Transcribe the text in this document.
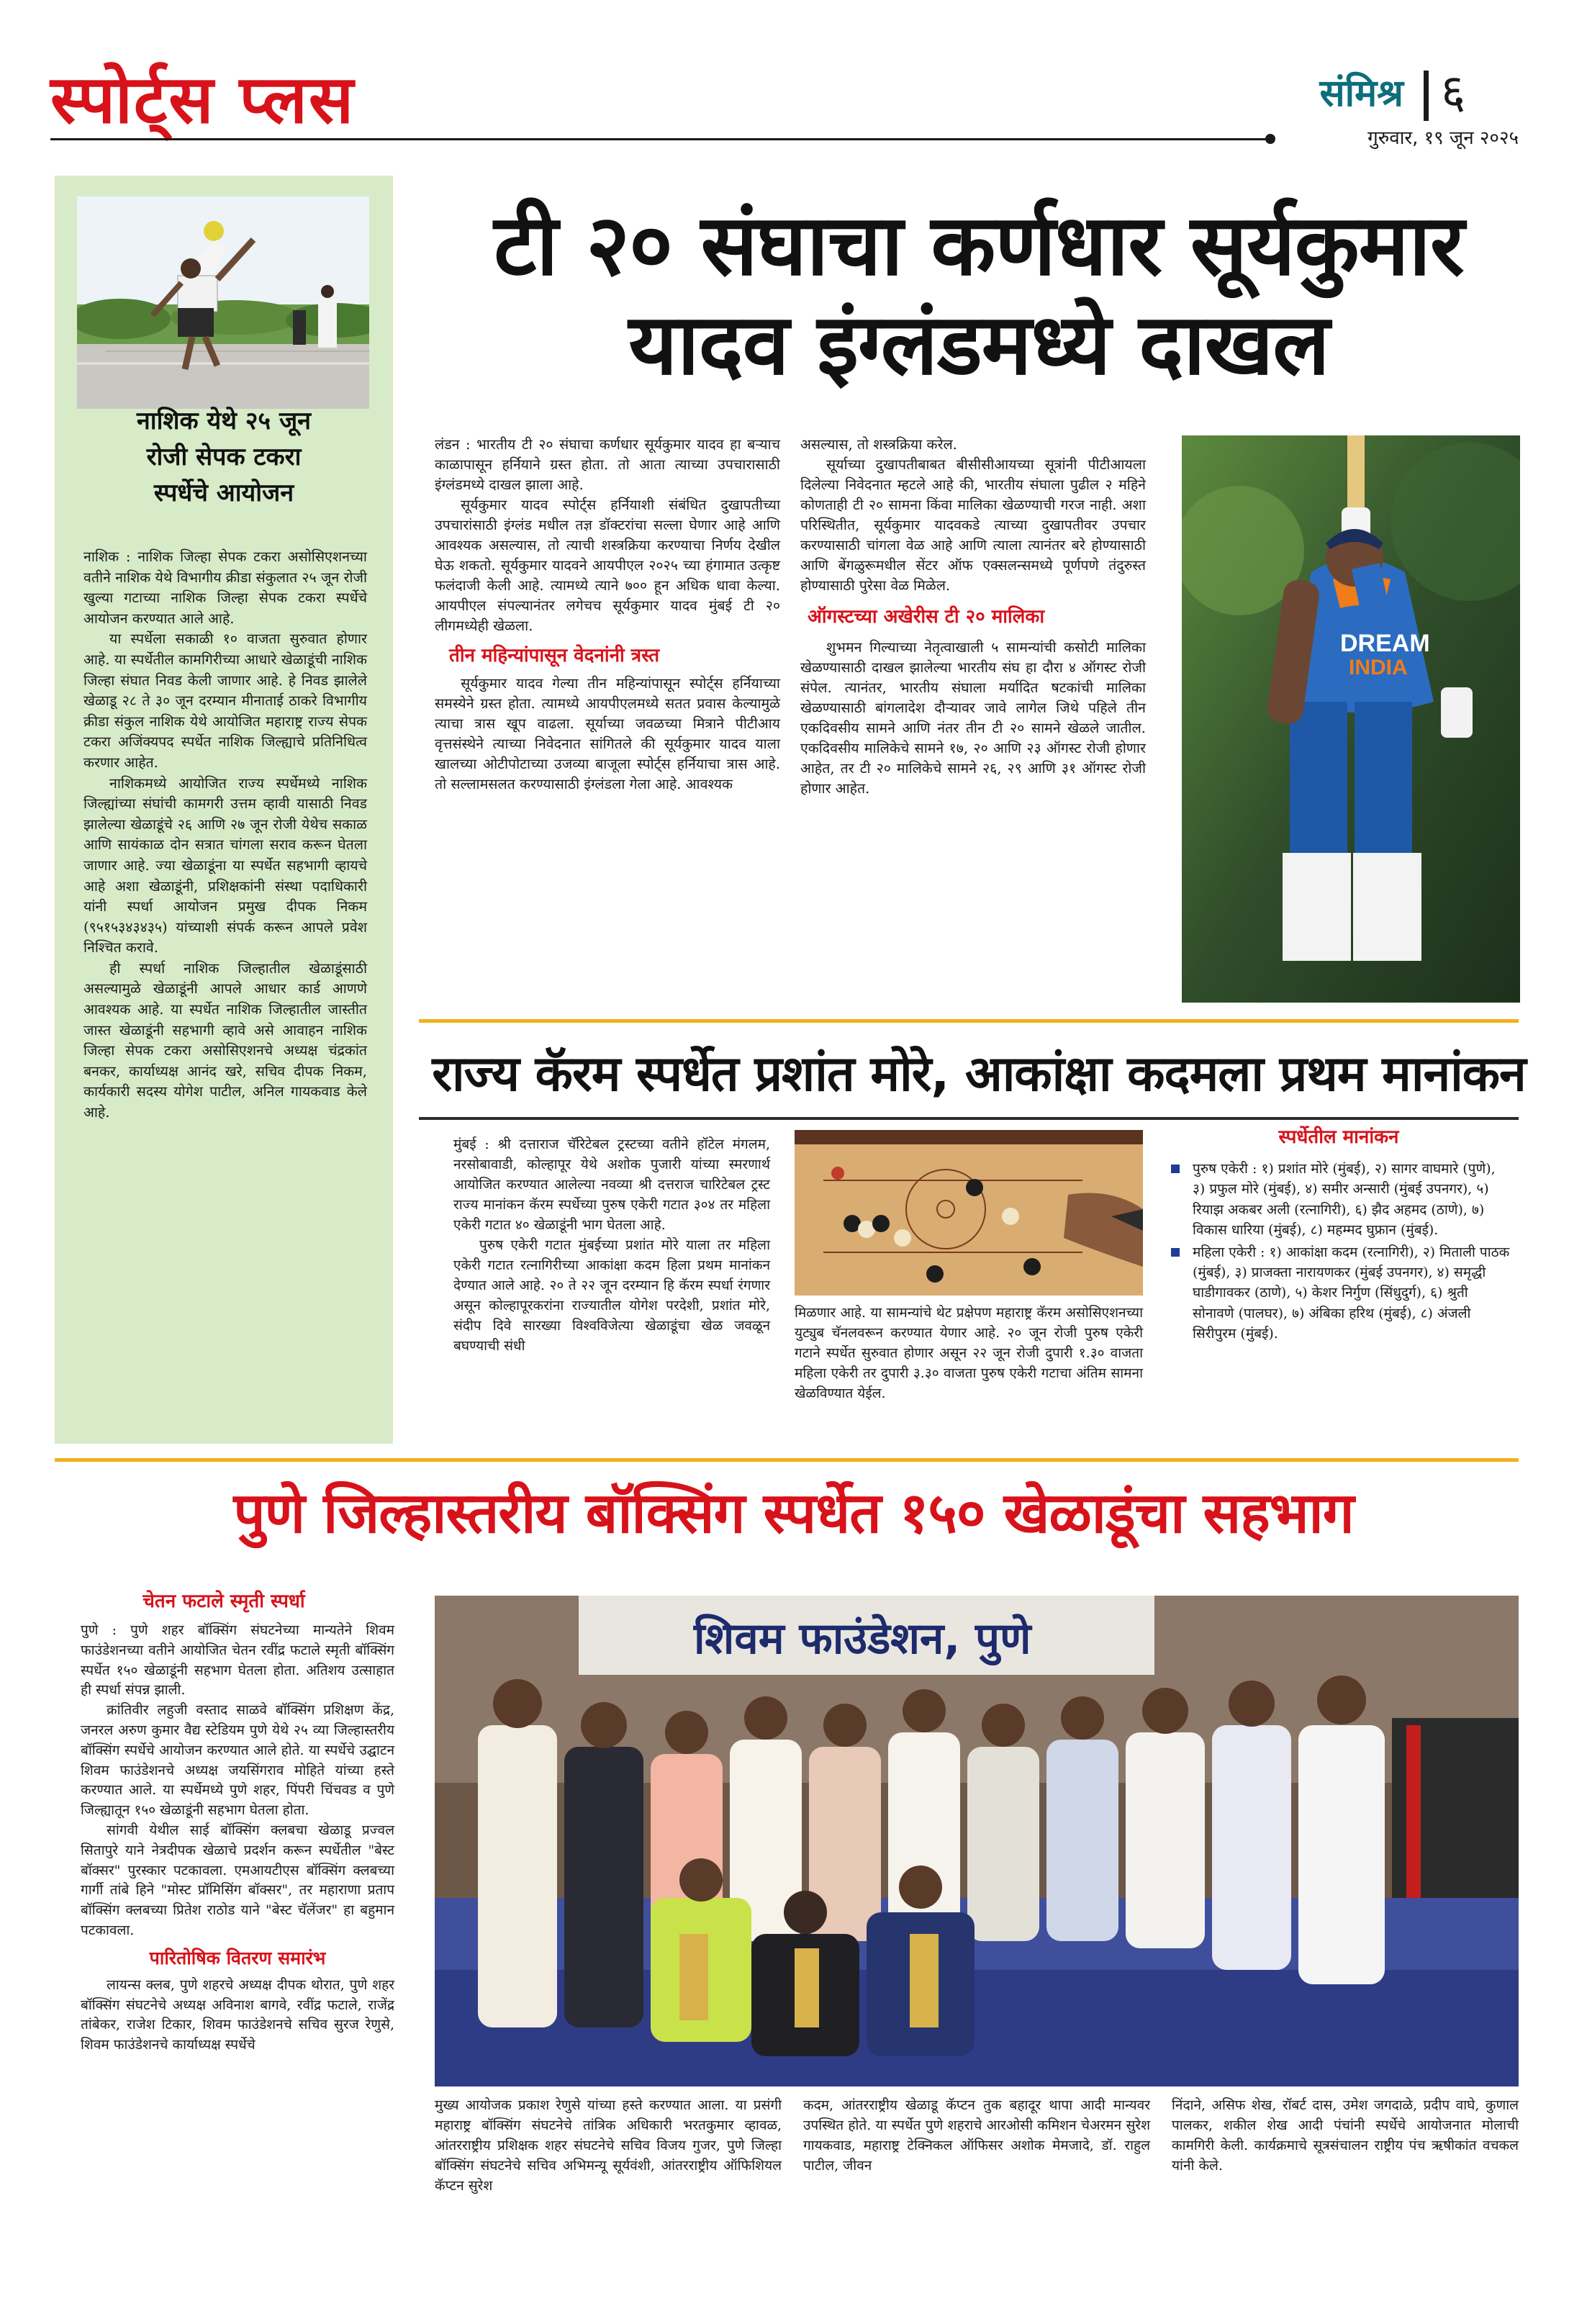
स्पोर्ट्स प्लस	संमिश्र ६
गुरुवार, १९ जून २०२५
नाशिक येथे २५ जून
रोजी सेपक टकरा
स्पर्धेचे आयोजन

नाशिक : नाशिक जिल्हा सेपक टकरा असोसिएशनच्या वतीने नाशिक येथे विभागीय क्रीडा संकुलात २५ जून रोजी खुल्या गटाच्या नाशिक जिल्हा सेपक टकरा स्पर्धेचे आयोजन करण्यात आले आहे.

या स्पर्धेला सकाळी १० वाजता सुरुवात होणार आहे. या स्पर्धेतील कामगिरीच्या आधारे खेळाडूंची नाशिक जिल्हा संघात निवड केली जाणार आहे. हे निवड झालेले खेळाडू २८ ते ३० जून दरम्यान मीनाताई ठाकरे विभागीय क्रीडा संकुल नाशिक येथे आयोजित महाराष्ट्र राज्य सेपक टकरा अजिंक्यपद स्पर्धेत नाशिक जिल्ह्याचे प्रतिनिधित्व करणार आहेत.

नाशिकमध्ये आयोजित राज्य स्पर्धेमध्ये नाशिक जिल्ह्यांच्या संघांची कामगरी उत्तम व्हावी यासाठी निवड झालेल्या खेळाडूंचे २६ आणि २७ जून रोजी येथेच सकाळ आणि सायंकाळ दोन सत्रात चांगला सराव करून घेतला जाणार आहे. ज्या खेळाडूंना या स्पर्धेत सहभागी व्हायचे आहे अशा खेळाडूंनी, प्रशिक्षकांनी संस्था पदाधिकारी यांनी स्पर्धा आयोजन प्रमुख दीपक निकम (९५१५३४३४३५) यांच्याशी संपर्क करून आपले प्रवेश निश्चित करावे.

ही स्पर्धा नाशिक जिल्हातील खेळाडूंसाठी असल्यामुळे खेळाडूंनी आपले आधार कार्ड आणणे आवश्यक आहे. या स्पर्धेत नाशिक जिल्हातील जास्तीत जास्त खेळाडूंनी सहभागी व्हावे असे आवाहन नाशिक जिल्हा सेपक टकरा असोसिएशनचे अध्यक्ष चंद्रकांत बनकर, कार्याध्यक्ष आनंद खरे, सचिव दीपक निकम, कार्यकारी सदस्य योगेश पाटील, अनिल गायकवाड केले आहे.

टी २० संघाचा कर्णधार सूर्यकुमार
यादव इंग्लंडमध्ये दाखल

लंडन : भारतीय टी २० संघाचा कर्णधार सूर्यकुमार यादव हा बऱ्याच काळापासून हर्नियाने ग्रस्त होता. तो आता त्याच्या उपचारासाठी इंग्लंडमध्ये दाखल झाला आहे.

सूर्यकुमार यादव स्पोर्ट्स हर्नियाशी संबंधित दुखापतीच्या उपचारांसाठी इंग्लंड मधील तज्ञ डॉक्टरांचा सल्ला घेणार आहे आणि आवश्यक असल्यास, तो त्याची शस्त्रक्रिया करण्याचा निर्णय देखील घेऊ शकतो. सूर्यकुमार यादवने आयपीएल २०२५ च्या हंगामात उत्कृष्ट फलंदाजी केली आहे. त्यामध्ये त्याने ७०० हून अधिक धावा केल्या. आयपीएल संपल्यानंतर लगेचच सूर्यकुमार यादव मुंबई टी २० लीगमध्येही खेळला.

तीन महिन्यांपासून वेदनांनी त्रस्त

सूर्यकुमार यादव गेल्या तीन महिन्यांपासून स्पोर्ट्स हर्नियाच्या समस्येने ग्रस्त होता. त्यामध्ये आयपीएलमध्ये सतत प्रवास केल्यामुळे त्याचा त्रास खूप वाढला. सूर्याच्या जवळच्या मित्राने पीटीआय वृत्तसंस्थेने त्याच्या निवेदनात सांगितले की सूर्यकुमार यादव याला खालच्या ओटीपोटाच्या उजव्या बाजूला स्पोर्ट्स हर्नियाचा त्रास आहे. तो सल्लामसलत करण्यासाठी इंग्लंडला गेला आहे. आवश्यक

असल्यास, तो शस्त्रक्रिया करेल.

सूर्याच्या दुखापतीबाबत बीसीसीआयच्या सूत्रांनी पीटीआयला दिलेल्या निवेदनात म्हटले आहे की, भारतीय संघाला पुढील २ महिने कोणताही टी २० सामना किंवा मालिका खेळण्याची गरज नाही. अशा परिस्थितीत, सूर्यकुमार यादवकडे त्याच्या दुखापतीवर उपचार करण्यासाठी चांगला वेळ आहे आणि त्याला त्यानंतर बरे होण्यासाठी आणि बेंगळुरूमधील सेंटर ऑफ एक्सलन्समध्ये पूर्णपणे तंदुरुस्त होण्यासाठी पुरेसा वेळ मिळेल.

ऑगस्टच्या अखेरीस टी २० मालिका

शुभमन गिल्याच्या नेतृत्वाखाली ५ सामन्यांची कसोटी मालिका खेळण्यासाठी दाखल झालेल्या भारतीय संघ हा दौरा ४ ऑगस्ट रोजी संपेल. त्यानंतर, भारतीय संघाला मर्यादित षटकांची मालिका खेळण्यासाठी बांगलादेश दौऱ्यावर जावे लागेल जिथे पहिले तीन एकदिवसीय सामने आणि नंतर तीन टी २० सामने खेळले जातील. एकदिवसीय मालिकेचे सामने १७, २० आणि २३ ऑगस्ट रोजी होणार आहेत, तर टी २० मालिकेचे सामने २६, २९ आणि ३१ ऑगस्ट रोजी होणार आहेत.

DREAM
INDIA
राज्य कॅरम स्पर्धेत प्रशांत मोरे, आकांक्षा कदमला प्रथम मानांकन

मुंबई : श्री दत्ताराज चॅरिटेबल ट्रस्टच्या वतीने हॉटेल मंगलम, नरसोबावाडी, कोल्हापूर येथे अशोक पुजारी यांच्या स्मरणार्थ आयोजित करण्यात आलेल्या नवव्या श्री दत्तराज चारिटेबल ट्रस्ट राज्य मानांकन कॅरम स्पर्धेच्या पुरुष एकेरी गटात ३०४ तर महिला एकेरी गटात ४० खेळाडूंनी भाग घेतला आहे.

पुरुष एकेरी गटात मुंबईच्या प्रशांत मोरे याला तर महिला एकेरी गटात रत्नागिरीच्या आकांक्षा कदम हिला प्रथम मानांकन देण्यात आले आहे. २० ते २२ जून दरम्यान हि कॅरम स्पर्धा रंगणार असून कोल्हापूरकरांना राज्यातील योगेश परदेशी, प्रशांत मोरे, संदीप दिवे सारख्या विश्वविजेत्या खेळाडूंचा खेळ जवळून बघण्याची संधी

मिळणार आहे. या सामन्यांचे थेट प्रक्षेपण महाराष्ट्र कॅरम असोसिएशनच्या युट्युब चॅनलवरून करण्यात येणार आहे. २० जून रोजी पुरुष एकेरी गटाने स्पर्धेत सुरुवात होणार असून २२ जून रोजी दुपारी १.३० वाजता महिला एकेरी तर दुपारी ३.३० वाजता पुरुष एकेरी गटाचा अंतिम सामना खेळविण्यात येईल.

स्पर्धेतील मानांकन
पुरुष एकेरी : १) प्रशांत मोरे (मुंबई), २) सागर वाघमारे (पुणे), ३) प्रफुल मोरे (मुंबई), ४) समीर अन्सारी (मुंबई उपनगर), ५) रियाझ अकबर अली (रत्नागिरी), ६) झैद अहमद (ठाणे), ७) विकास धारिया (मुंबई), ८) महम्मद घुफ्रान (मुंबई).
महिला एकेरी : १) आकांक्षा कदम (रत्नागिरी), २) मिताली पाठक (मुंबई), ३) प्राजक्ता नारायणकर (मुंबई उपनगर), ४) समृद्धी घाडीगावकर (ठाणे), ५) केशर निर्गुण (सिंधुदुर्ग), ६) श्रुती सोनावणे (पालघर), ७) अंबिका हरिथ (मुंबई), ८) अंजली सिरीपुरम (मुंबई).
पुणे जिल्हास्तरीय बॉक्सिंग स्पर्धेत १५० खेळाडूंचा सहभाग
चेतन फटाले स्मृती स्पर्धा

पुणे : पुणे शहर बॉक्सिंग संघटनेच्या मान्यतेने शिवम फाउंडेशनच्या वतीने आयोजित चेतन रवींद्र फटाले स्मृती बॉक्सिंग स्पर्धेत १५० खेळाडूंनी सहभाग घेतला होता. अतिशय उत्साहात ही स्पर्धा संपन्न झाली.

क्रांतिवीर लहुजी वस्ताद साळवे बॉक्सिंग प्रशिक्षण केंद्र, जनरल अरुण कुमार वैद्य स्टेडियम पुणे येथे २५ व्या जिल्हास्तरीय बॉक्सिंग स्पर्धेचे आयोजन करण्यात आले होते. या स्पर्धेचे उद्घाटन शिवम फाउंडेशनचे अध्यक्ष जयसिंगराव मोहिते यांच्या हस्ते करण्यात आले. या स्पर्धेमध्ये पुणे शहर, पिंपरी चिंचवड व पुणे जिल्ह्यातून १५० खेळाडूंनी सहभाग घेतला होता.

सांगवी येथील साई बॉक्सिंग क्लबचा खेळाडू प्रज्वल सितापुरे याने नेत्रदीपक खेळाचे प्रदर्शन करून स्पर्धेतील "बेस्ट बॉक्सर" पुरस्कार पटकावला. एमआयटीएस बॉक्सिंग क्लबच्या गार्गी तांबे हिने "मोस्ट प्रॉमिसिंग बॉक्सर", तर महाराणा प्रताप बॉक्सिंग क्लबच्या प्रितेश राठोड याने "बेस्ट चॅलेंजर" हा बहुमान पटकावला.

पारितोषिक वितरण समारंभ

लायन्स क्लब, पुणे शहरचे अध्यक्ष दीपक थोरात, पुणे शहर बॉक्सिंग संघटनेचे अध्यक्ष अविनाश बागवे, रवींद्र फटाले, राजेंद्र तांबेकर, राजेश टिकार, शिवम फाउंडेशनचे सचिव सुरज रेणुसे, शिवम फाउंडेशनचे कार्याध्यक्ष स्पर्धेचे

शिवम फाउंडेशन, पुणे

मुख्य आयोजक प्रकाश रेणुसे यांच्या हस्ते करण्यात आला. या प्रसंगी महाराष्ट्र बॉक्सिंग संघटनेचे तांत्रिक अधिकारी भरतकुमार व्हावळ, आंतरराष्ट्रीय प्रशिक्षक शहर संघटनेचे सचिव विजय गुजर, पुणे जिल्हा बॉक्सिंग संघटनेचे सचिव अभिमन्यू सूर्यवंशी, आंतरराष्ट्रीय ऑफिशियल कॅप्टन सुरेश

कदम, आंतरराष्ट्रीय खेळाडू कॅप्टन तुक बहादूर थापा आदी मान्यवर उपस्थित होते. या स्पर्धेत पुणे शहराचे आरओसी कमिशन चेअरमन सुरेश गायकवाड, महाराष्ट्र टेक्निकल ऑफिसर अशोक मेमजादे, डॉ. राहुल पाटील, जीवन

निंदाने, असिफ शेख, रॉबर्ट दास, उमेश जगदाळे, प्रदीप वाघे, कुणाल पालकर, शकील शेख आदी पंचांनी स्पर्धेचे आयोजनात मोलाची कामगिरी केली. कार्यक्रमाचे सूत्रसंचालन राष्ट्रीय पंच ऋषीकांत वचकल यांनी केले.
